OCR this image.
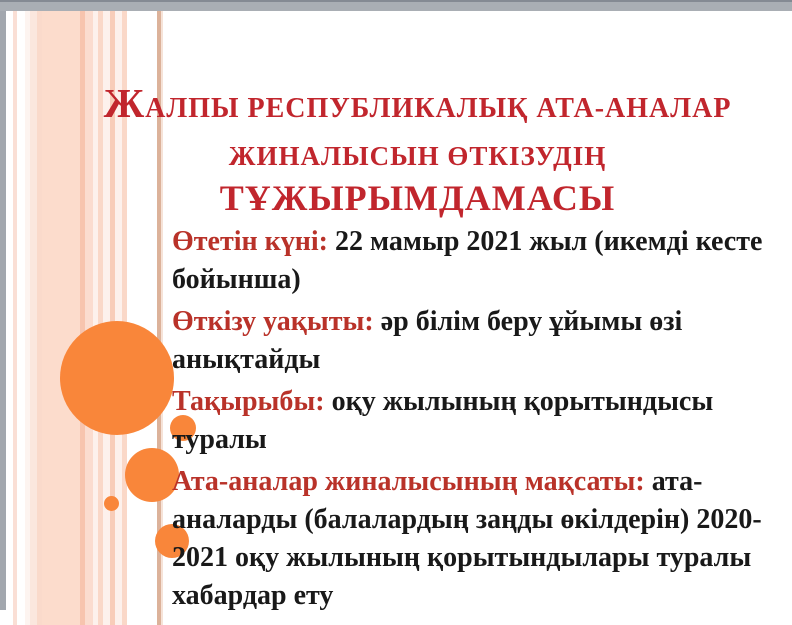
ЖАЛПЫ РЕСПУБЛИКАЛЫҚ АТА-АНАЛАР
ЖИНАЛЫСЫН ӨТКІЗУДІҢ
ТҰЖЫРЫМДАМАСЫ
Өтетін күні: 22 мамыр 2021 жыл (икемді кесте
бойынша)
Өткізу уақыты: әр білім беру ұйымы өзі
анықтайды
Тақырыбы: оқу жылының қорытындысы
туралы
Ата-аналар жиналысының мақсаты: ата-
аналарды (балалардың заңды өкілдерін) 2020-
2021 оқу жылының қорытындылары туралы
хабардар ету
